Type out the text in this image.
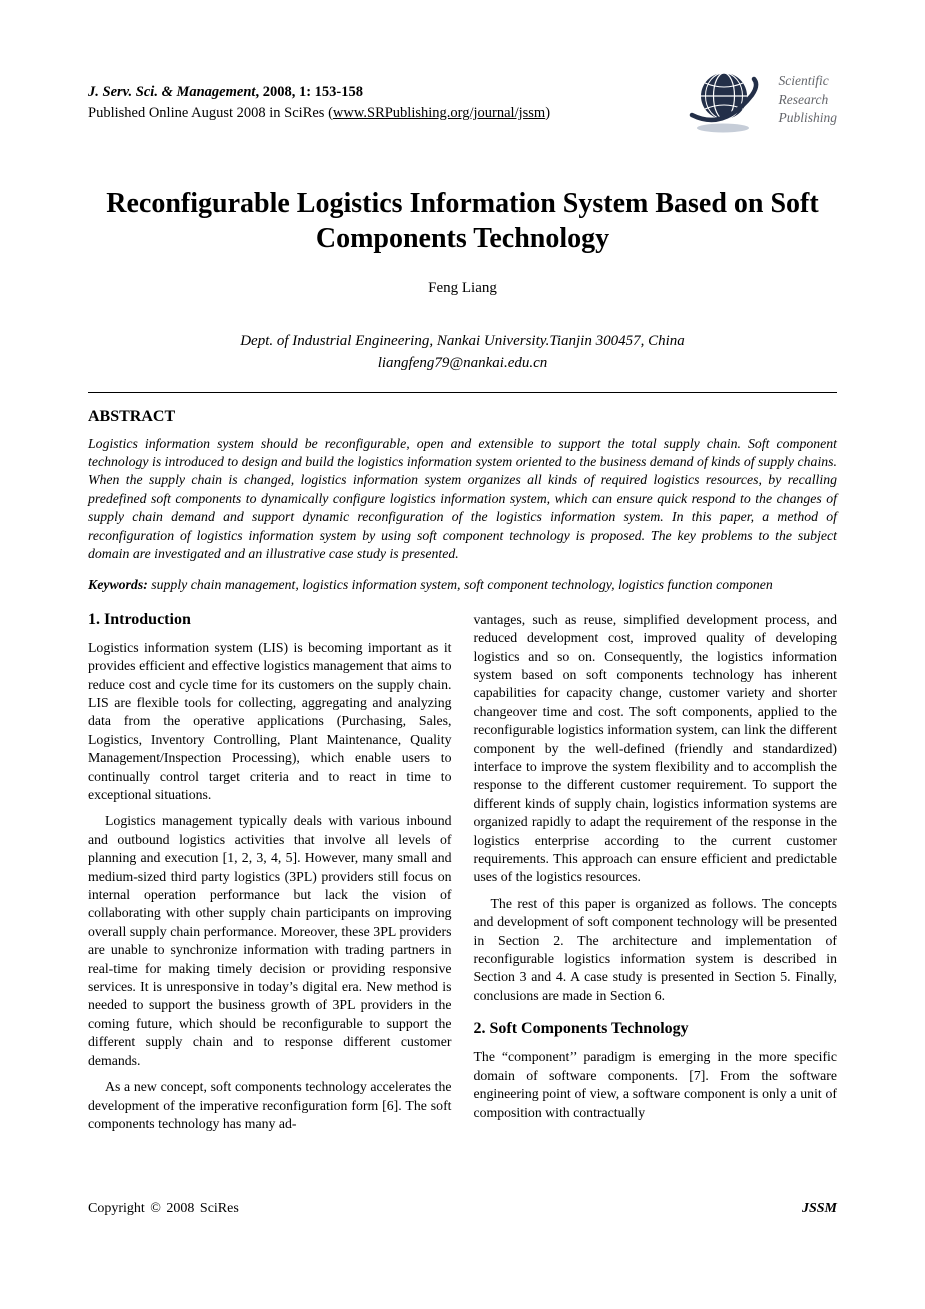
J. Serv. Sci. & Management, 2008, 1: 153-158
Published Online August 2008 in SciRes (www.SRPublishing.org/journal/jssm)
Scientific
Research
Publishing
Reconfigurable Logistics Information System Based on Soft Components Technology
Feng Liang
Dept. of Industrial Engineering, Nankai University.Tianjin 300457, China
liangfeng79@nankai.edu.cn
ABSTRACT

Logistics information system should be reconfigurable, open and extensible to support the total supply chain. Soft component technology is introduced to design and build the logistics information system oriented to the business demand of kinds of supply chains. When the supply chain is changed, logistics information system organizes all kinds of required logistics resources, by recalling predefined soft components to dynamically configure logistics information system, which can ensure quick respond to the changes of supply chain demand and support dynamic reconfiguration of the logistics information system. In this paper, a method of reconfiguration of logistics information system by using soft component technology is proposed. The key problems to the subject domain are investigated and an illustrative case study is presented.

Keywords: supply chain management, logistics information system, soft component technology, logistics function componen

1. Introduction

Logistics information system (LIS) is becoming important as it provides efficient and effective logistics management that aims to reduce cost and cycle time for its customers on the supply chain. LIS are flexible tools for collecting, aggregating and analyzing data from the operative applications (Purchasing, Sales, Logistics, Inventory Controlling, Plant Maintenance, Quality Management/Inspection Processing), which enable users to continually control target criteria and to react in time to exceptional situations.

Logistics management typically deals with various inbound and outbound logistics activities that involve all levels of planning and execution [1, 2, 3, 4, 5]. However, many small and medium-sized third party logistics (3PL) providers still focus on internal operation performance but lack the vision of collaborating with other supply chain participants on improving overall supply chain performance. Moreover, these 3PL providers are unable to synchronize information with trading partners in real-time for making timely decision or providing responsive services. It is unresponsive in today’s digital era. New method is needed to support the business growth of 3PL providers in the coming future, which should be reconfigurable to support the different supply chain and to response different customer demands.

As a new concept, soft components technology accelerates the development of the imperative reconfiguration form [6]. The soft components technology has many ad-

vantages, such as reuse, simplified development process, and reduced development cost, improved quality of developing logistics and so on. Consequently, the logistics information system based on soft components technology has inherent capabilities for capacity change, customer variety and shorter changeover time and cost. The soft components, applied to the reconfigurable logistics information system, can link the different component by the well-defined (friendly and standardized) interface to improve the system flexibility and to accomplish the response to the different customer requirement. To support the different kinds of supply chain, logistics information systems are organized rapidly to adapt the requirement of the response in the logistics enterprise according to the current customer requirements. This approach can ensure efficient and predictable uses of the logistics resources.

The rest of this paper is organized as follows. The concepts and development of soft component technology will be presented in Section 2. The architecture and implementation of reconfigurable logistics information system is described in Section 3 and 4. A case study is presented in Section 5. Finally, conclusions are made in Section 6.

2. Soft Components Technology

The “component’’ paradigm is emerging in the more specific domain of software components. [7]. From the software engineering point of view, a software component is only a unit of composition with contractually

Copyright © 2008 SciRes	JSSM
